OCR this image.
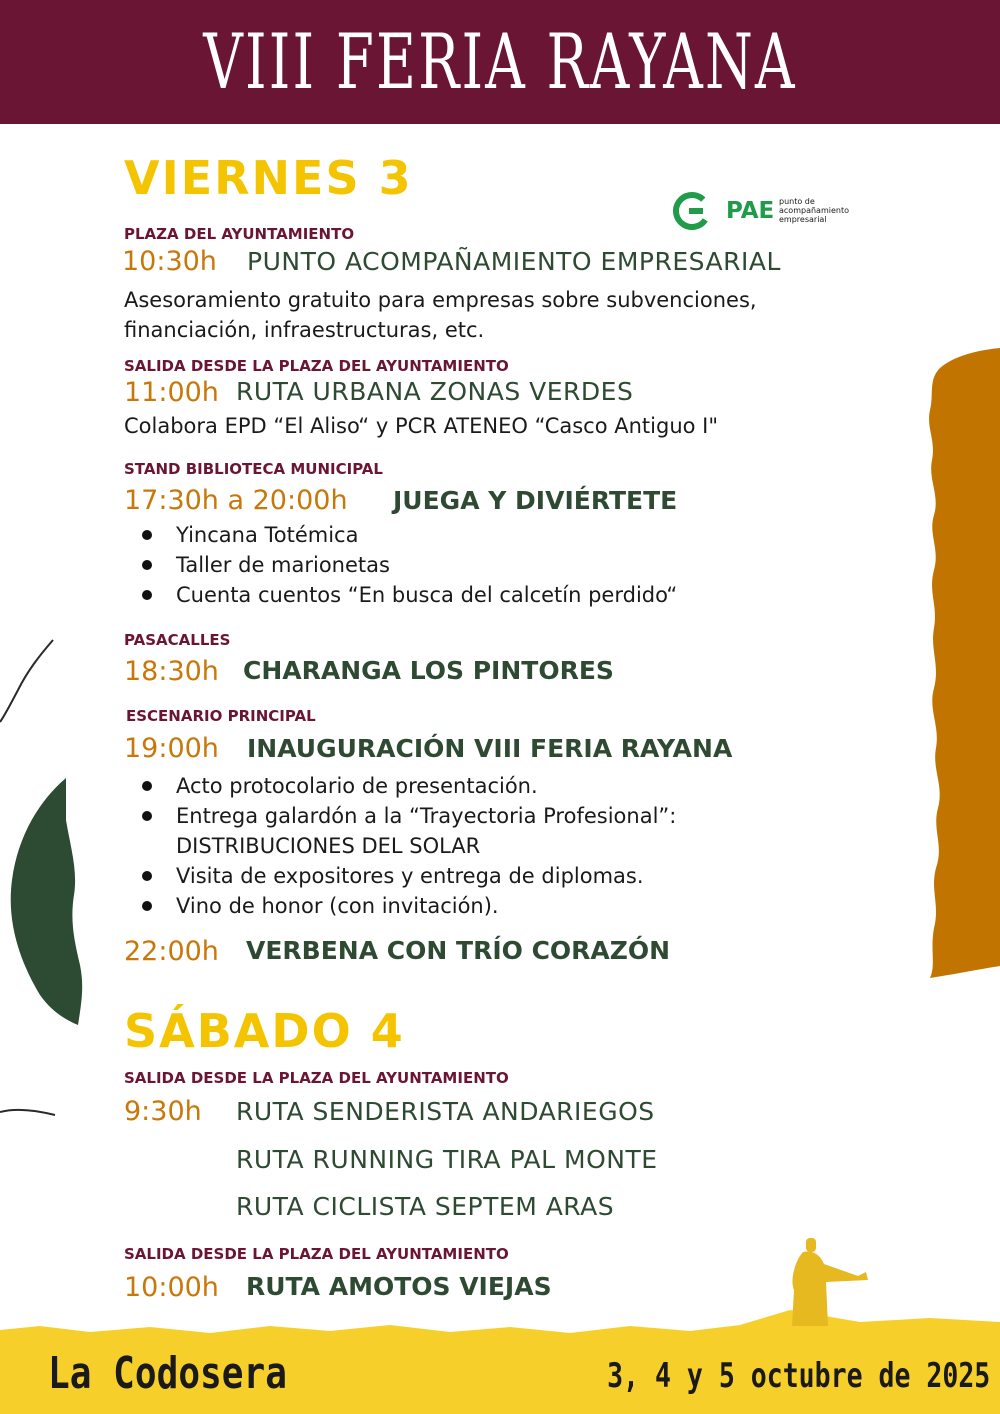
VIII FERIA RAYANA
PAE punto de
acompañamiento
empresarial
VIERNES 3
PLAZA DEL AYUNTAMIENTO
10:30h PUNTO ACOMPAÑAMIENTO EMPRESARIAL
Asesoramiento gratuito para empresas sobre subvenciones,
financiación, infraestructuras, etc.
SALIDA DESDE LA PLAZA DEL AYUNTAMIENTO
11:00h RUTA URBANA ZONAS VERDES
Colabora EPD “El Aliso“ y PCR ATENEO “Casco Antiguo I"
STAND BIBLIOTECA MUNICIPAL
17:30h a 20:00h JUEGA Y DIVIÉRTETE
Yincana Totémica
Taller de marionetas
Cuenta cuentos “En busca del calcetín perdido“
PASACALLES
18:30h CHARANGA LOS PINTORES
ESCENARIO PRINCIPAL
19:00h INAUGURACIÓN VIII FERIA RAYANA
Acto protocolario de presentación.
Entrega galardón a la “Trayectoria Profesional”:
DISTRIBUCIONES DEL SOLAR
Visita de expositores y entrega de diplomas.
Vino de honor (con invitación).
22:00h VERBENA CON TRÍO CORAZÓN
SÁBADO 4
SALIDA DESDE LA PLAZA DEL AYUNTAMIENTO
9:30h RUTA SENDERISTA ANDARIEGOS
RUTA RUNNING TIRA PAL MONTE
RUTA CICLISTA SEPTEM ARAS
SALIDA DESDE LA PLAZA DEL AYUNTAMIENTO
10:00h RUTA AMOTOS VIEJAS
La Codosera	3, 4 y 5 octubre de 2025
